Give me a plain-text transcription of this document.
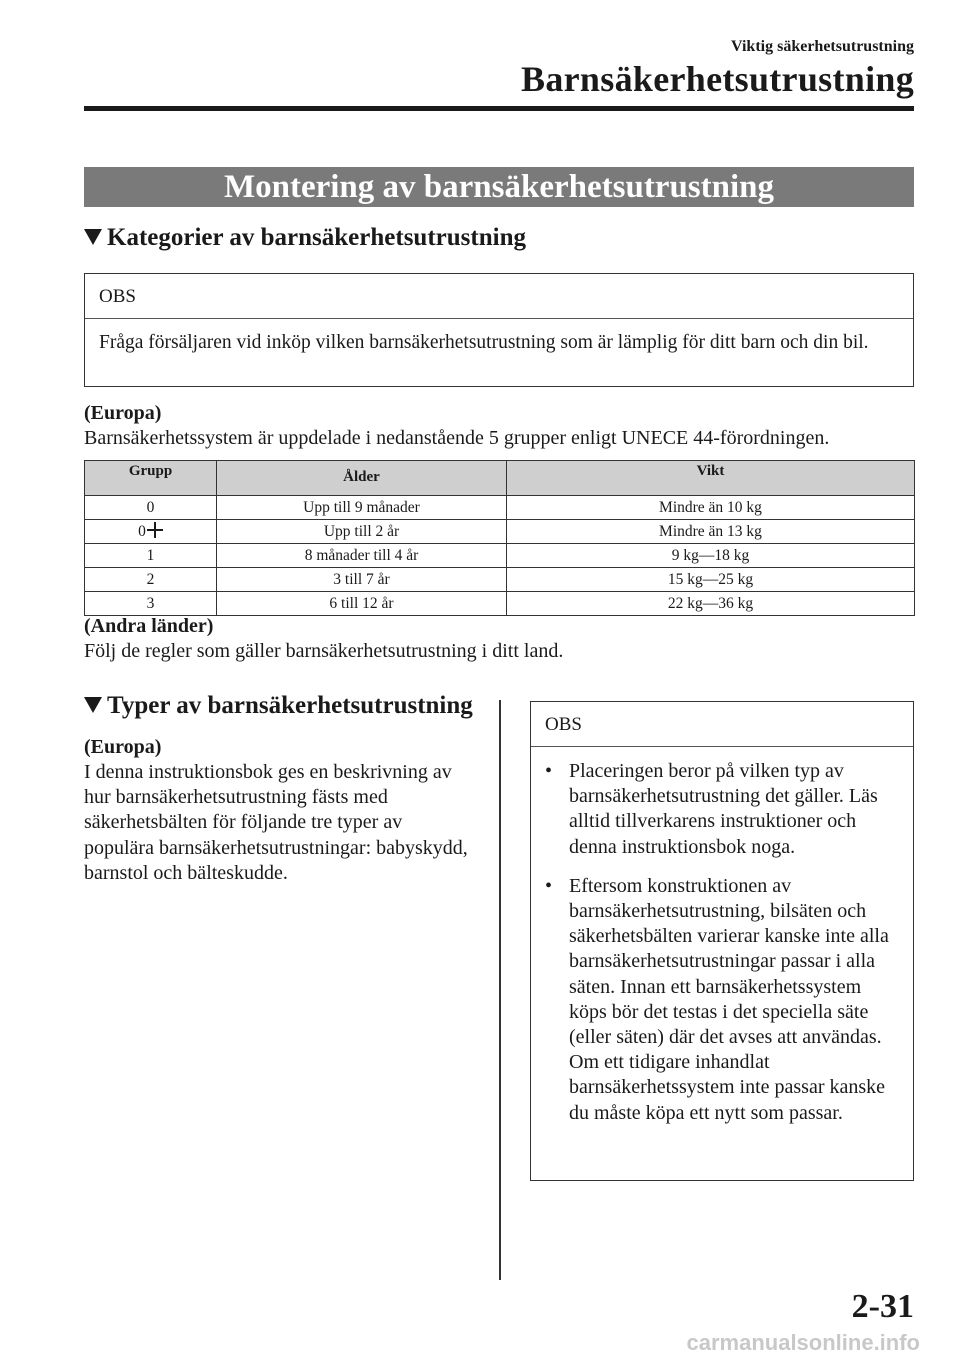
Viktig säkerhetsutrustning
Barnsäkerhetsutrustning
Montering av barnsäkerhetsutrustning
Kategorier av barnsäkerhetsutrustning
OBS
Fråga försäljaren vid inköp vilken barnsäkerhetsutrustning som är lämplig för ditt barn och din bil.
(Europa)
Barnsäkerhetssystem är uppdelade i nedanstående 5 grupper enligt UNECE 44-förordningen.
Grupp	Ålder	Vikt
0	Upp till 9 månader	Mindre än 10 kg
0	Upp till 2 år	Mindre än 13 kg
1	8 månader till 4 år	9 kg—18 kg
2	3 till 7 år	15 kg—25 kg
3	6 till 12 år	22 kg—36 kg
(Andra länder)
Följ de regler som gäller barnsäkerhetsutrustning i ditt land.
Typer av barnsäkerhetsutrustning
(Europa)
I denna instruktionsbok ges en beskrivning av hur barnsäkerhetsutrustning fästs med säkerhetsbälten för följande tre typer av populära barnsäkerhetsutrustningar: babyskydd, barnstol och bälteskudde.
OBS
• Placeringen beror på vilken typ av barnsäkerhetsutrustning det gäller. Läs alltid tillverkarens instruktioner och denna instruktionsbok noga.
• Eftersom konstruktionen av barnsäkerhetsutrustning, bilsäten och säkerhetsbälten varierar kanske inte alla barnsäkerhetsutrustningar passar i alla säten. Innan ett barnsäkerhetssystem köps bör det testas i det speciella säte (eller säten) där det avses att användas. Om ett tidigare inhandlat barnsäkerhetssystem inte passar kanske du måste köpa ett nytt som passar.
2-31
carmanualsonline.info
